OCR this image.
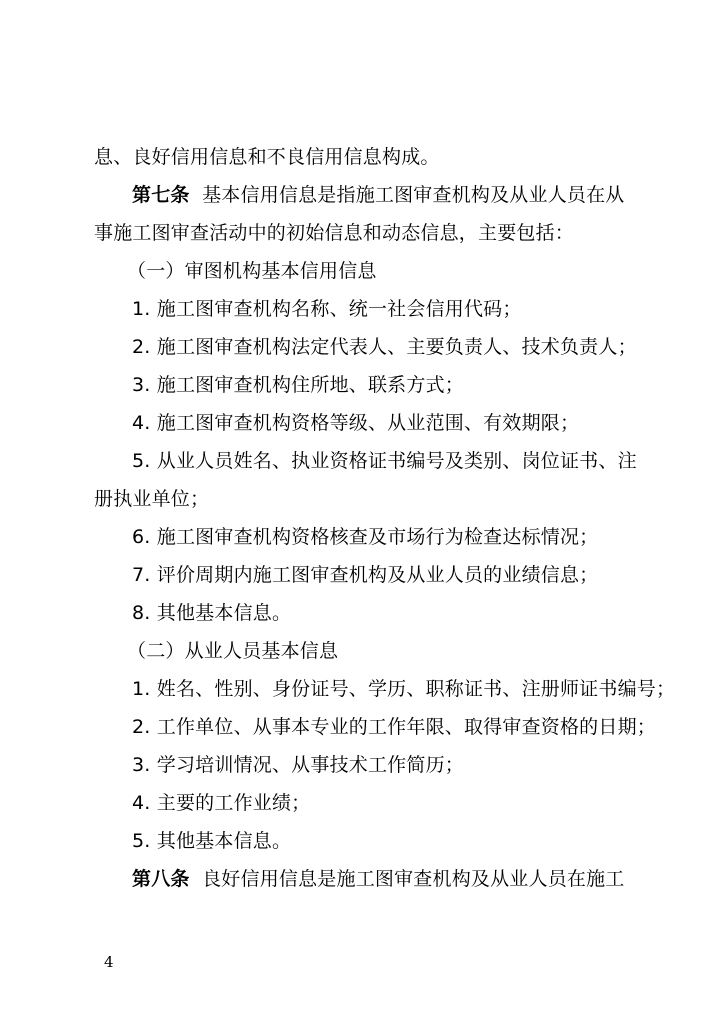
息、良好信用信息和不良信用信息构成。
第七条 基本信用信息是指施工图审查机构及从业人员在从
事施工图审查活动中的初始信息和动态信息，主要包括：
（一）审图机构基本信用信息
1. 施工图审查机构名称、统一社会信用代码；
2. 施工图审查机构法定代表人、主要负责人、技术负责人；
3. 施工图审查机构住所地、联系方式；
4. 施工图审查机构资格等级、从业范围、有效期限；
5. 从业人员姓名、执业资格证书编号及类别、岗位证书、注
册执业单位；
6. 施工图审查机构资格核查及市场行为检查达标情况；
7. 评价周期内施工图审查机构及从业人员的业绩信息；
8. 其他基本信息。
（二）从业人员基本信息
1. 姓名、性别、身份证号、学历、职称证书、注册师证书编号；
2. 工作单位、从事本专业的工作年限、取得审查资格的日期；
3. 学习培训情况、从事技术工作简历；
4. 主要的工作业绩；
5. 其他基本信息。
第八条 良好信用信息是施工图审查机构及从业人员在施工
4
